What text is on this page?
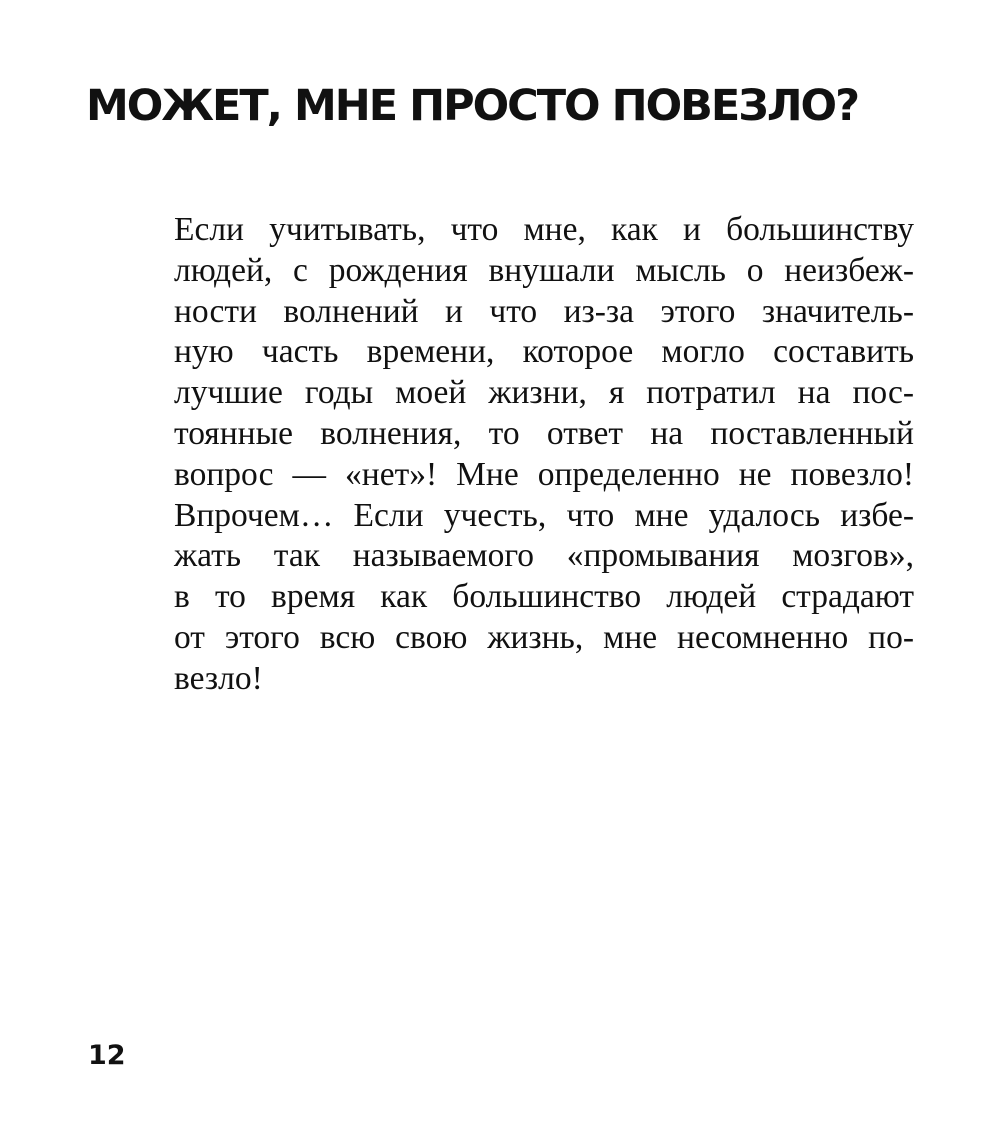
МОЖЕТ, МНЕ ПРОСТО ПОВЕЗЛО?
Если учитывать, что мне, как и большинству
людей, с рождения внушали мысль о неизбеж-
ности волнений и что из-за этого значитель-
ную часть времени, которое могло составить
лучшие годы моей жизни, я потратил на пос-
тоянные волнения, то ответ на поставленный
вопрос — «нет»! Мне определенно не повезло!
Впрочем… Если учесть, что мне удалось избе-
жать так называемого «промывания мозгов»,
в то время как большинство людей страдают
от этого всю свою жизнь, мне несомненно по-
везло!
12
